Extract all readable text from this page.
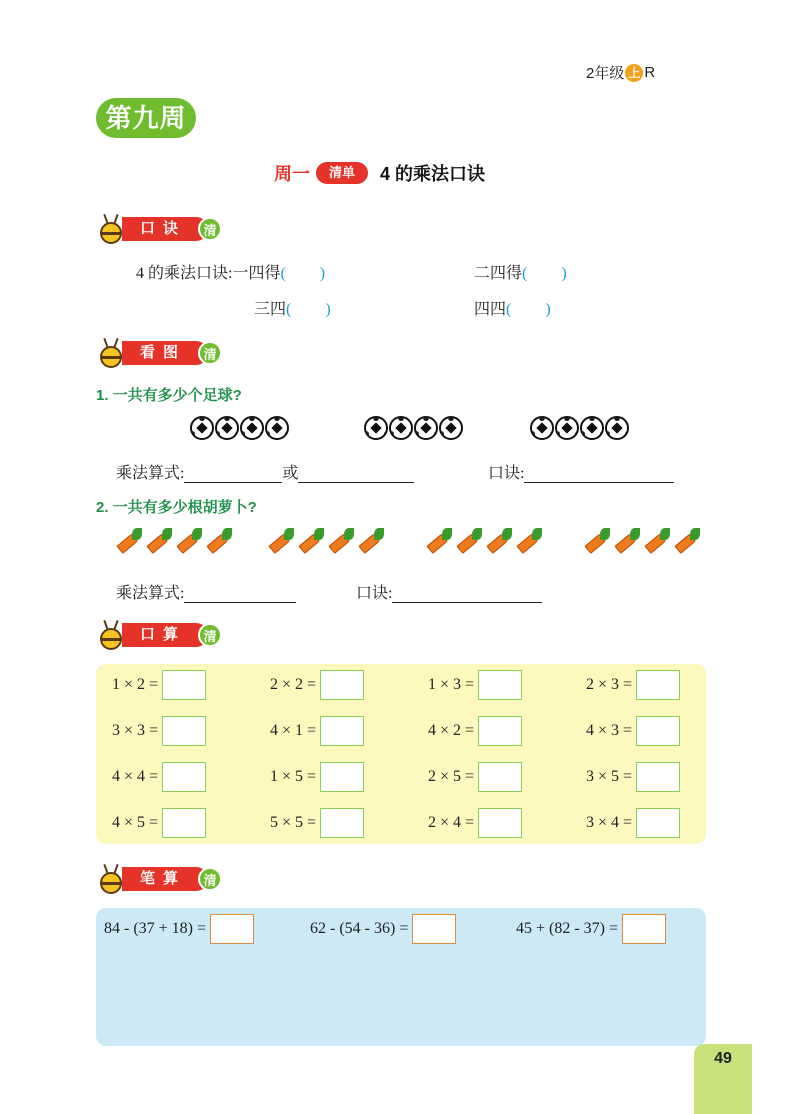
2年级 上 R
第九周
周一	清单	4 的乘法口诀
口诀	清
4 的乘法口诀:一四得( )	二四得( )
三四( )	四四( )
看图	清
1. 一共有多少个足球?
乘法算式:	或	口诀:
2. 一共有多少根胡萝卜?
乘法算式:	口诀:
口算	清
1 × 2 =	2 × 2 =	1 × 3 =	2 × 3 =
3 × 3 =	4 × 1 =	4 × 2 =	4 × 3 =
4 × 4 =	1 × 5 =	2 × 5 =	3 × 5 =
4 × 5 =	5 × 5 =	2 × 4 =	3 × 4 =
笔算	清
84 - (37 + 18) =	62 - (54 - 36) =	45 + (82 - 37) =
49
